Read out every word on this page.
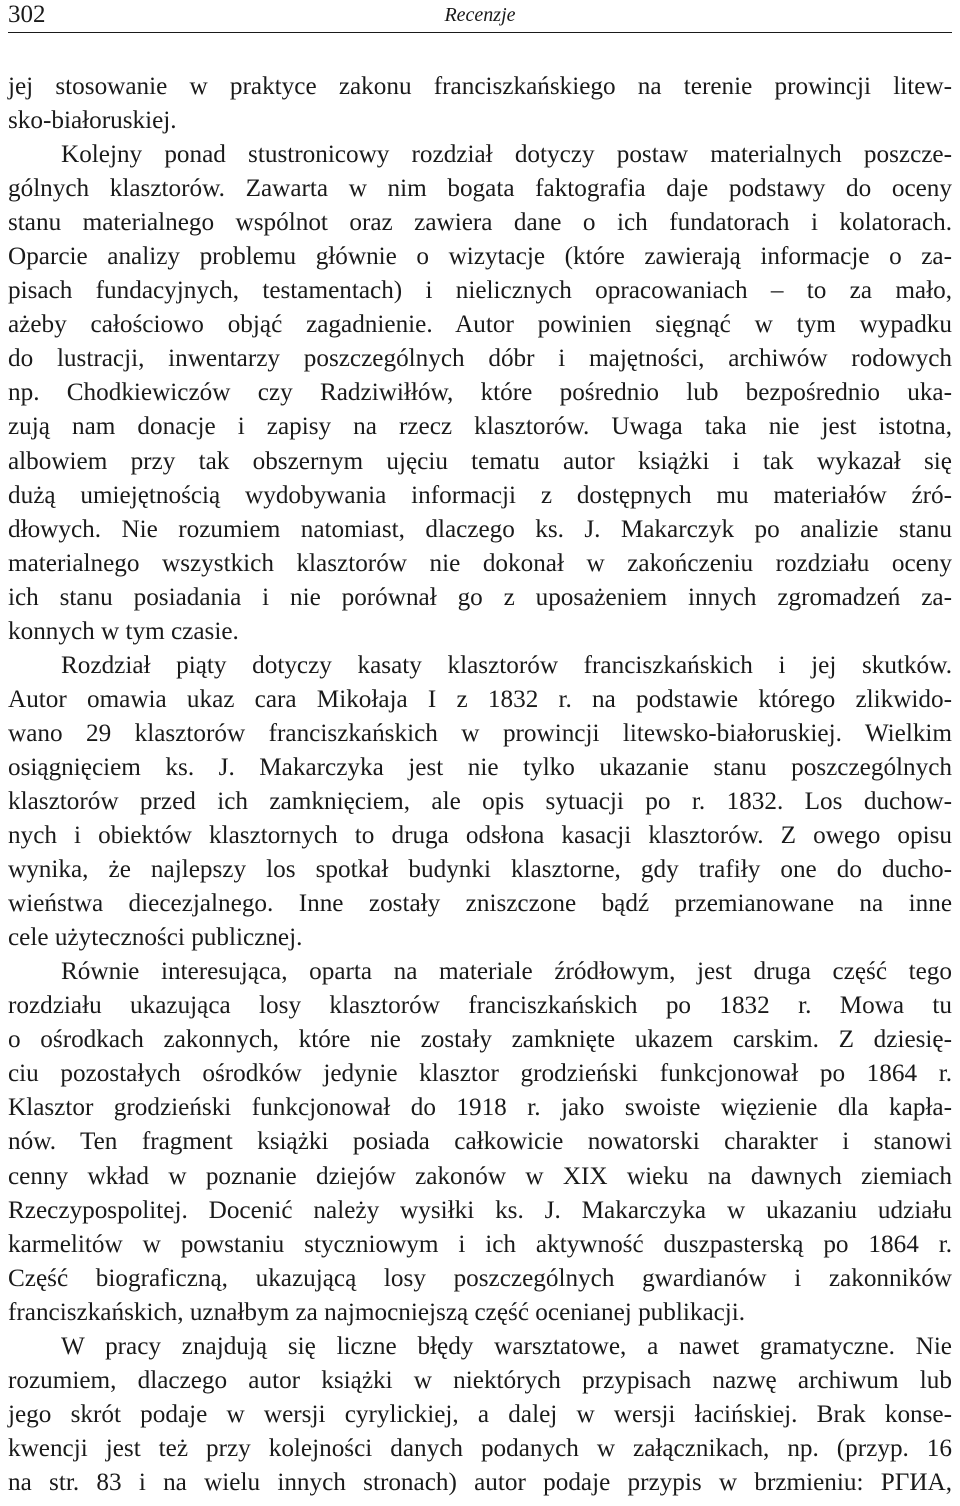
302	Recenzje

jej stosowanie w praktyce zakonu franciszkańskiego na terenie prowincji litew-
sko-białoruskiej.

Kolejny ponad stustronicowy rozdział dotyczy postaw materialnych poszcze-
gólnych klasztorów. Zawarta w nim bogata faktografia daje podstawy do oceny
stanu materialnego wspólnot oraz zawiera dane o ich fundatorach i kolatorach.
Oparcie analizy problemu głównie o wizytacje (które zawierają informacje o za-
pisach fundacyjnych, testamentach) i nielicznych opracowaniach – to za mało,
ażeby całościowo objąć zagadnienie. Autor powinien sięgnąć w tym wypadku
do lustracji, inwentarzy poszczególnych dóbr i majętności, archiwów rodowych
np. Chodkiewiczów czy Radziwiłłów, które pośrednio lub bezpośrednio uka-
zują nam donacje i zapisy na rzecz klasztorów. Uwaga taka nie jest istotna,
albowiem przy tak obszernym ujęciu tematu autor książki i tak wykazał się
dużą umiejętnością wydobywania informacji z dostępnych mu materiałów źró-
dłowych. Nie rozumiem natomiast, dlaczego ks. J. Makarczyk po analizie stanu
materialnego wszystkich klasztorów nie dokonał w zakończeniu rozdziału oceny
ich stanu posiadania i nie porównał go z uposażeniem innych zgromadzeń za-
konnych w tym czasie.

Rozdział piąty dotyczy kasaty klasztorów franciszkańskich i jej skutków.
Autor omawia ukaz cara Mikołaja I z 1832 r. na podstawie którego zlikwido-
wano 29 klasztorów franciszkańskich w prowincji litewsko-białoruskiej. Wielkim
osiągnięciem ks. J. Makarczyka jest nie tylko ukazanie stanu poszczególnych
klasztorów przed ich zamknięciem, ale opis sytuacji po r. 1832. Los duchow-
nych i obiektów klasztornych to druga odsłona kasacji klasztorów. Z owego opisu
wynika, że najlepszy los spotkał budynki klasztorne, gdy trafiły one do ducho-
wieństwa diecezjalnego. Inne zostały zniszczone bądź przemianowane na inne
cele użyteczności publicznej.

Równie interesująca, oparta na materiale źródłowym, jest druga część tego
rozdziału ukazująca losy klasztorów franciszkańskich po 1832 r. Mowa tu
o ośrodkach zakonnych, które nie zostały zamknięte ukazem carskim. Z dziesię-
ciu pozostałych ośrodków jedynie klasztor grodzieński funkcjonował po 1864 r.
Klasztor grodzieński funkcjonował do 1918 r. jako swoiste więzienie dla kapła-
nów. Ten fragment książki posiada całkowicie nowatorski charakter i stanowi
cenny wkład w poznanie dziejów zakonów w XIX wieku na dawnych ziemiach
Rzeczypospolitej. Docenić należy wysiłki ks. J. Makarczyka w ukazaniu udziału
karmelitów w powstaniu styczniowym i ich aktywność duszpasterską po 1864 r.
Część biograficzną, ukazującą losy poszczególnych gwardianów i zakonników
franciszkańskich, uznałbym za najmocniejszą część ocenianej publikacji.

W pracy znajdują się liczne błędy warsztatowe, a nawet gramatyczne. Nie
rozumiem, dlaczego autor książki w niektórych przypisach nazwę archiwum lub
jego skrót podaje w wersji cyrylickiej, a dalej w wersji łacińskiej. Brak konse-
kwencji jest też przy kolejności danych podanych w załącznikach, np. (przyp. 16
na str. 83 i na wielu innych stronach) autor podaje przypis w brzmieniu: РГИА,
